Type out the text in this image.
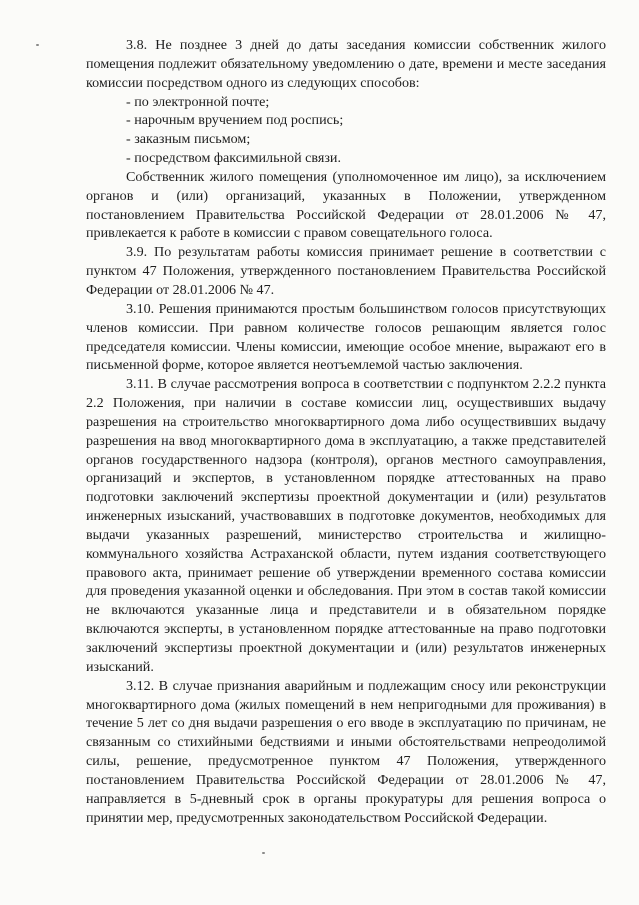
3.8. Не позднее 3 дней до даты заседания комиссии собственник жилого помещения подлежит обязательному уведомлению о дате, времени и месте заседания комиссии посредством одного из следующих способов:

- по электронной почте;

- нарочным вручением под роспись;

- заказным письмом;

- посредством факсимильной связи.

Собственник жилого помещения (уполномоченное им лицо), за исключением органов и (или) организаций, указанных в Положении, утвержденном постановлением Правительства Российской Федерации от 28.01.2006 № 47, привлекается к работе в комиссии с правом совещательного голоса.

3.9. По результатам работы комиссия принимает решение в соответствии с пунктом 47 Положения, утвержденного постановлением Правительства Российской Федерации от 28.01.2006 № 47.

3.10. Решения принимаются простым большинством голосов присутствующих членов комиссии. При равном количестве голосов решающим является голос председателя комиссии. Члены комиссии, имеющие особое мнение, выражают его в письменной форме, которое является неотъемлемой частью заключения.

3.11. В случае рассмотрения вопроса в соответствии с подпунктом 2.2.2 пункта 2.2 Положения, при наличии в составе комиссии лиц, осуществивших выдачу разрешения на строительство многоквартирного дома либо осуществивших выдачу разрешения на ввод многоквартирного дома в эксплуатацию, а также представителей органов государственного надзора (контроля), органов местного самоуправления, организаций и экспертов, в установленном порядке аттестованных на право подготовки заключений экспертизы проектной документации и (или) результатов инженерных изысканий, участвовавших в подготовке документов, необходимых для выдачи указанных разрешений, министерство строительства и жилищно-коммунального хозяйства Астраханской области, путем издания соответствующего правового акта, принимает решение об утверждении временного состава комиссии для проведения указанной оценки и обследования. При этом в состав такой комиссии не включаются указанные лица и представители и в обязательном порядке включаются эксперты, в установленном порядке аттестованные на право подготовки заключений экспертизы проектной документации и (или) результатов инженерных изысканий.

3.12. В случае признания аварийным и подлежащим сносу или реконструкции многоквартирного дома (жилых помещений в нем непригодными для проживания) в течение 5 лет со дня выдачи разрешения о его вводе в эксплуатацию по причинам, не связанным со стихийными бедствиями и иными обстоятельствами непреодолимой силы, решение, предусмотренное пунктом 47 Положения, утвержденного постановлением Правительства Российской Федерации от 28.01.2006 № 47, направляется в 5-дневный срок в органы прокуратуры для решения вопроса о принятии мер, предусмотренных законодательством Российской Федерации.
